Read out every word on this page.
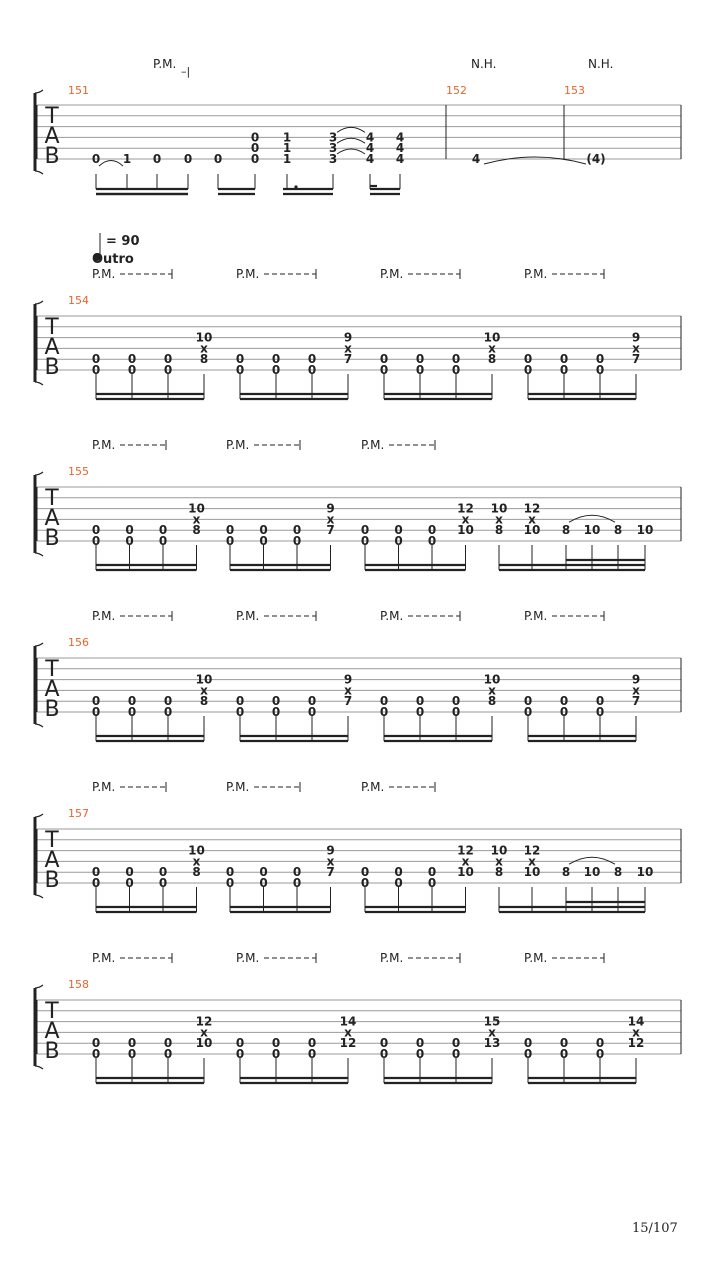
T
A
B
151	152	153
P.M.
–|
N.H.	N.H.
0 1 0 0 0
0
0
0
1
1
1
3
3
3
4
4
4
4
4
4	4	(4)
= 90
Outro
T
A
B
154
P.M.	P.M.	P.M.	P.M.
0
0
0
0
0
0
10
x
8 0
0
0
0
0
0
9
x
7 0
0
0
0
0
0
10
x
8 0
0
0
0
0
0
9
x
7
T
A
B
155
P.M.	P.M.	P.M.
0
0
0
0
0
0
10
x
8 0
0
0
0
0
0
9
x
7 0
0
0
0
0
0
12
x
10
10
x
8
12
x
10 8 10 8 10
T
A
B
156
P.M.	P.M.	P.M.	P.M.
0
0
0
0
0
0
10
x
8 0
0
0
0
0
0
9
x
7 0
0
0
0
0
0
10
x
8 0
0
0
0
0
0
9
x
7
T
A
B
157
P.M.	P.M.	P.M.
0
0
0
0
0
0
10
x
8 0
0
0
0
0
0
9
x
7 0
0
0
0
0
0
12
x
10
10
x
8
12
x
10 8 10 8 10
T
A
B
158
P.M.	P.M.	P.M.	P.M.
0
0
0
0
0
0
12
x
10 0
0
0
0
0
0
14
x
12 0
0
0
0
0
0
15
x
13 0
0
0
0
0
0
14
x
12
15/107
